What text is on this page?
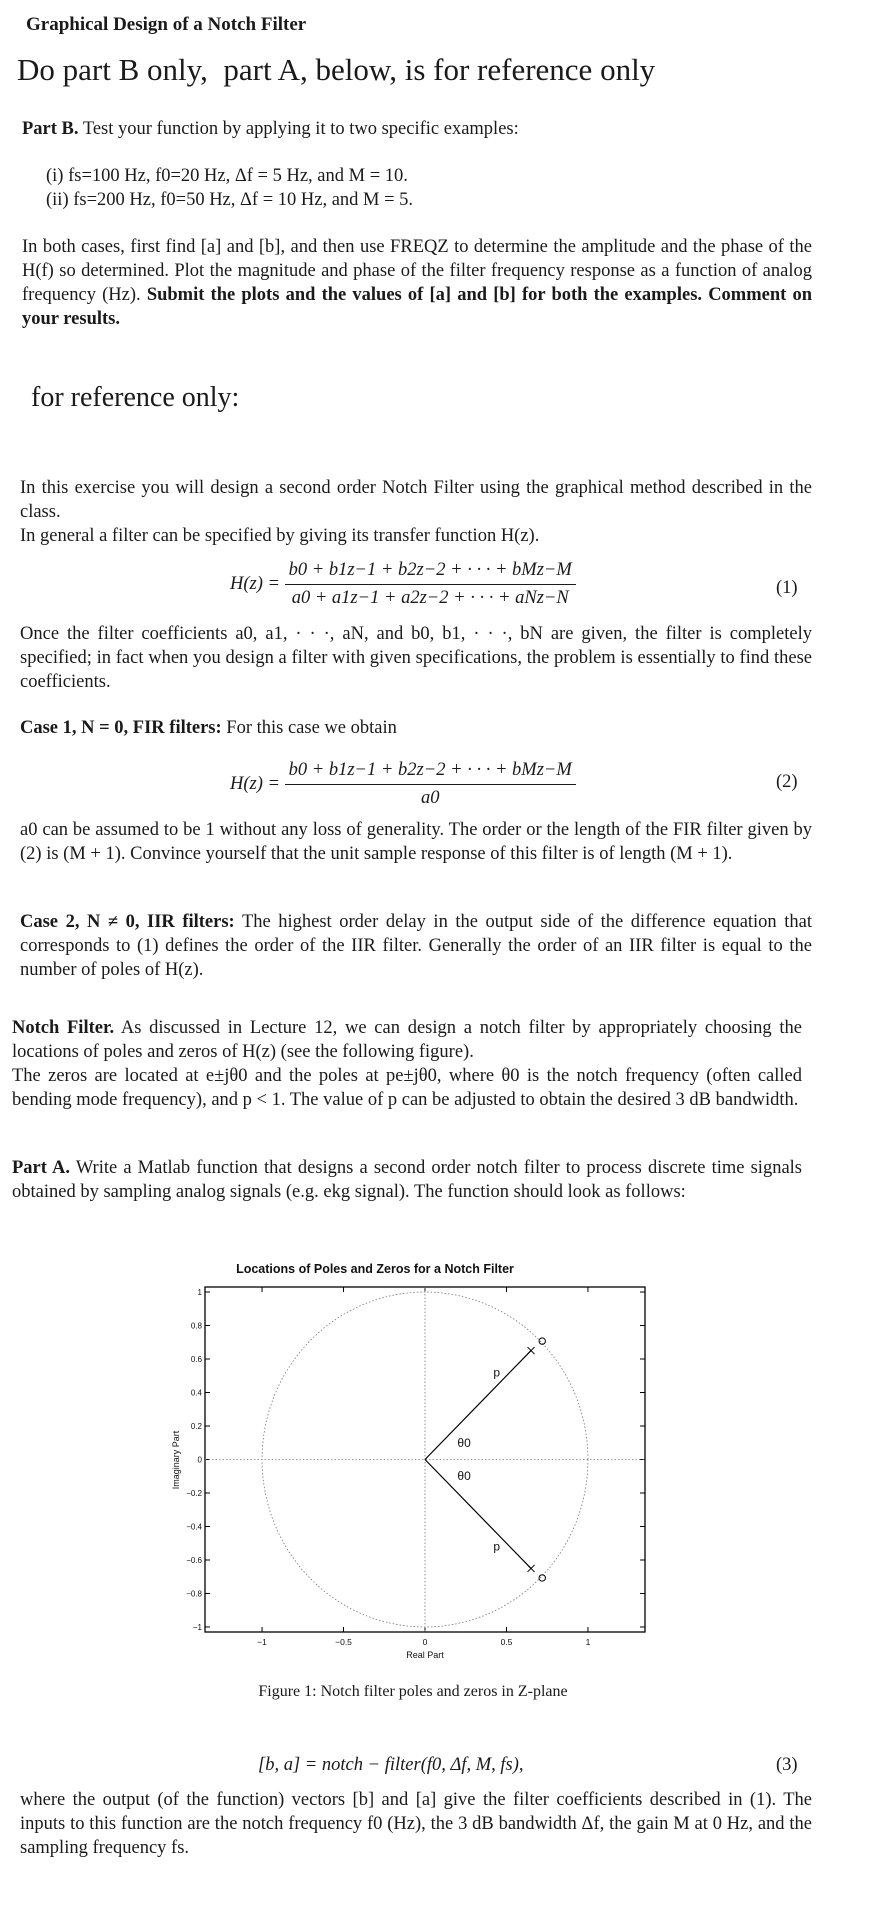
Graphical Design of a Notch Filter
Do part B only,  part A, below, is for reference only
Part B. Test your function by applying it to two specific examples:
(i) fs=100 Hz, f0=20 Hz, Δf = 5 Hz, and M = 10.
(ii) fs=200 Hz, f0=50 Hz, Δf = 10 Hz, and M = 5.
In both cases, first find [a] and [b], and then use FREQZ to determine the amplitude and the phase of the H(f) so determined. Plot the magnitude and phase of the filter frequency response as a function of analog frequency (Hz). Submit the plots and the values of [a] and [b] for both the examples. Comment on your results.
for reference only:
In this exercise you will design a second order Notch Filter using the graphical method described in the class.
In general a filter can be specified by giving its transfer function H(z).
$H(z) = \frac{\text{b0 + b1z−1 + b2z−2 + · · · + bMz−M}}{\text{a0 + a1z−1 + a2z−2 + · · · + aNz−N}}$	(1)
Once the filter coefficients a0, a1, · · ·, aN, and b0, b1, · · ·, bN are given, the filter is completely specified; in fact when you design a filter with given specifications, the problem is essentially to find these coefficients.
Case 1, N = 0, FIR filters: For this case we obtain
$H(z) = \frac{\text{b0 + b1z−1 + b2z−2 + · · · + bMz−M}}{a0}$	(2)
a0 can be assumed to be 1 without any loss of generality. The order or the length of the FIR filter given by (2) is (M + 1). Convince yourself that the unit sample response of this filter is of length (M + 1).
Case 2, N ≠ 0, IIR filters: The highest order delay in the output side of the difference equation that corresponds to (1) defines the order of the IIR filter. Generally the order of an IIR filter is equal to the number of poles of H(z).
Notch Filter. As discussed in Lecture 12, we can design a notch filter by appropriately choosing the locations of poles and zeros of H(z) (see the following figure).
The zeros are located at e±jθ0 and the poles at pe±jθ0, where θ0 is the notch frequency (often called bending mode frequency), and p < 1. The value of p can be adjusted to obtain the desired 3 dB bandwidth.
Part A. Write a Matlab function that designs a second order notch filter to process discrete time signals obtained by sampling analog signals (e.g. ekg signal). The function should look as follows:
Locations of Poles and Zeros for a Notch Filter
−1	−0.5	0	0.5	1
1
0.8
0.6
0.4
0.2
0
−0.2
−0.4
−0.6
−0.8
−1
p
θ0
p
θ0
Real Part
Imaginary Part
Figure 1: Notch filter poles and zeros in Z-plane
[b, a] = notch − filter(f0, Δf, M, fs),	(3)
where the output (of the function) vectors [b] and [a] give the filter coefficients described in (1). The inputs to this function are the notch frequency f0 (Hz), the 3 dB bandwidth Δf, the gain M at 0 Hz, and the sampling frequency fs.
